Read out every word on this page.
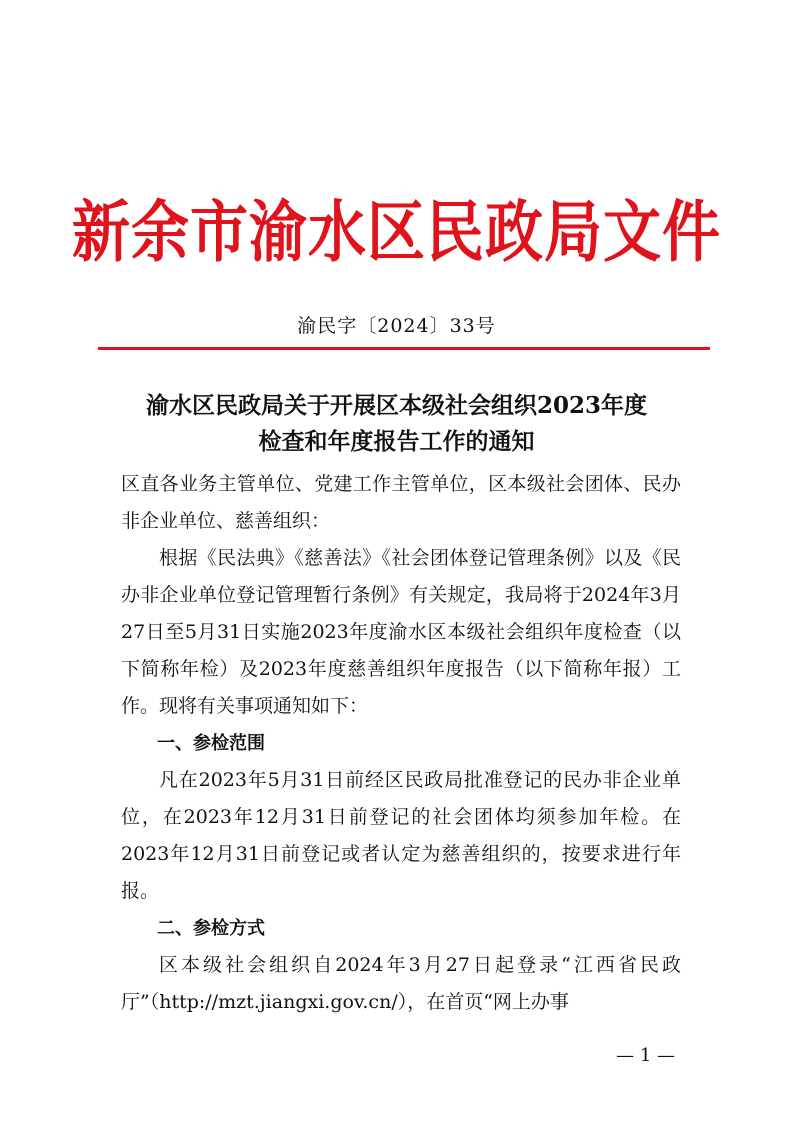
新余市渝水区民政局文件
渝民字〔2024〕33号
渝水区民政局关于开展区本级社会组织2023年度
检查和年度报告工作的通知

区直各业务主管单位、党建工作主管单位，区本级社会团体、民办非企业单位、慈善组织：

根据《民法典》《慈善法》《社会团体登记管理条例》以及《民办非企业单位登记管理暂行条例》有关规定，我局将于2024年3月27日至5月31日实施2023年度渝水区本级社会组织年度检查（以下简称年检）及2023年度慈善组织年度报告（以下简称年报）工作。现将有关事项通知如下：

一、参检范围

凡在2023年5月31日前经区民政局批准登记的民办非企业单位，在2023年12月31日前登记的社会团体均须参加年检。在2023年12月31日前登记或者认定为慈善组织的，按要求进行年报。

二、参检方式

区本级社会组织自2024年3月27日起登录“江西省民政厅”（http://mzt.jiangxi.gov.cn/），在首页“网上办事

— 1 —
